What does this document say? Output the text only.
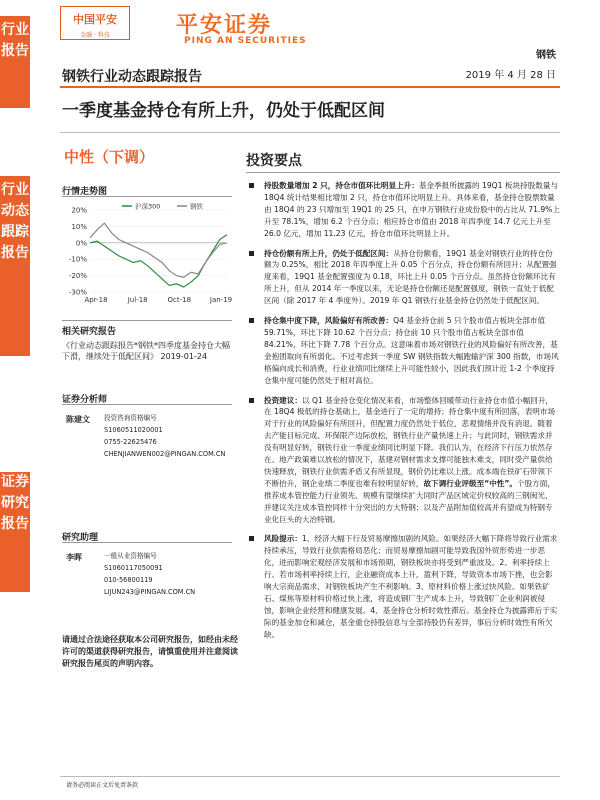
行业报告
行业动态跟踪报告
证券研究报告
中国平安
金融 · 科技	平安证券
PING AN SECURITIES
钢铁
钢铁行业动态跟踪报告	2019 年 4 月 28 日
一季度基金持仓有所上升，仍处于低配区间
中性（下调）
行情走势图
20%
10%
0%
-10%
-20%
-30%
Apr-18	Jul-18	Oct-18	Jan-19
沪深300	钢铁
相关研究报告
《行业动态跟踪报告*钢铁*四季度基金持仓大幅下滑，继续处于低配区间》 2019-01-24
证券分析师
陈建文 投资咨询资格编号
S1060511020001
0755-22625476
CHENJIANWEN002@PINGAN.COM.CN
研究助理
李晖	一般从业资格编号
S1060117050091
010-56800119
LIJUN243@PINGAN.COM.CN
请通过合法途径获取本公司研究报告，如经由未经许可的渠道获得研究报告，请慎重使用并注意阅读研究报告尾页的声明内容。
投资要点
持股数量增加 2 只，持仓市值环比明显上升：基金季报所披露的 19Q1 板块持股数量与 18Q4 统计结果相比增加 2 只，持仓市值环比明显上升。具体来看，基金持仓股票数量由 18Q4 的 23 只增加至 19Q1 的 25 只，在申万钢铁行业成份股中的占比从 71.9%上升至 78.1%，增加 6.2 个百分点；相应持仓市值由 2018 年四季度 14.7 亿元上升至 26.0 亿元，增加 11.23 亿元，持仓市值环比明显上升。
持仓份额有所上升，仍处于低配区间：从持仓份额看，19Q1 基金对钢铁行业的持仓份额为 0.25%，相比 2018 年四季度上升 0.05 个百分点，持仓份额有所回升；从配置强度来看，19Q1 基金配置强度为 0.18，环比上升 0.05 个百分点。虽然持仓份额环比有所上升，但从 2014 年一季度以来，无论是持仓份额还是配置强度，钢铁一直处于低配区间（除 2017 年 4 季度外）。2019 年 Q1 钢铁行业基金持仓仍然处于低配区间。
持仓集中度下降，风险偏好有所改善：Q4 基金持仓前 5 只个股市值占板块全部市值 59.71%，环比下降 10.62 个百分点；持仓前 10 只个股市值占板块全部市值 84.21%，环比下降 7.78 个百分点。这意味着市场对钢铁行业的风险偏好有所改善，基金抱团取向有所弱化。不过考虑到一季度 SW 钢铁指数大幅跑输沪深 300 指数，市场风格偏向成长和消费，行业业绩同比继续上升可能性较小，因此我们预计近 1-2 个季度持仓集中度可能仍然处于相对高位。
投资建议：以 Q1 基金持仓变化情况来看，市场整体回暖带动行业持仓市值小幅回升，在 18Q4 极低的持仓基础上，基金进行了一定的增持；持仓集中度有所回落，表明市场对于行业的风险偏好有所回升，但配置力度仍然处于低位，悲观情绪并没有消退。随着去产能目标完成、环保限产边际放松，钢铁行业产量快速上升；与此同时，钢铁需求并没有明显好转，钢铁行业一季度业绩同比明显下降。我们认为，在经济下行压力依然存在、地产政策难以放松的情况下，基建对钢材需求支撑可能独木难支，同时受产量供给快速释放，钢铁行业供需矛盾又有所显现，钢价仍比难以上涨。成本端在铁矿石带领下不断抬升，钢企业绩二季度也难有较明显好转，故下调行业评级至“中性”。个股方面，推荐成本管控能力行业领先、规模有望继续扩大同时产品区域定价权较高的三钢闽光，并建议关注成本管控同样十分突出的方大特钢；以及产品附加值较高并有望成为特钢专业化巨头的大冶特钢。
风险提示：1、经济大幅下行及贸易摩擦加剧的风险。如果经济大幅下降将导致行业需求持续承压，导致行业供需格局恶化；而贸易摩擦加剧可能导致我国外贸形势进一步恶化，进而影响宏观经济发展和市场预期，钢铁板块亦将受到严重波及。2、利率持续上行。若市场利率持续上行，企业融资成本上升，盈利下降，导致资本市场下挫，也会影响大宗商品需求，对钢铁板块产生不利影响。3、原材料价格上涨过快风险。如果铁矿石、煤焦等原材料价格过快上涨，将造成钢厂生产成本上升，导致钢厂企业利润被侵蚀，影响企业经营和健康发展。4、基金持仓分析时效性滞后。基金持仓为披露滞后于实际的基金加仓和减仓，基金重仓持股信息与全部持股仍有差异，事后分析时效性有所欠缺。
请务必阅读正文后免责条款
